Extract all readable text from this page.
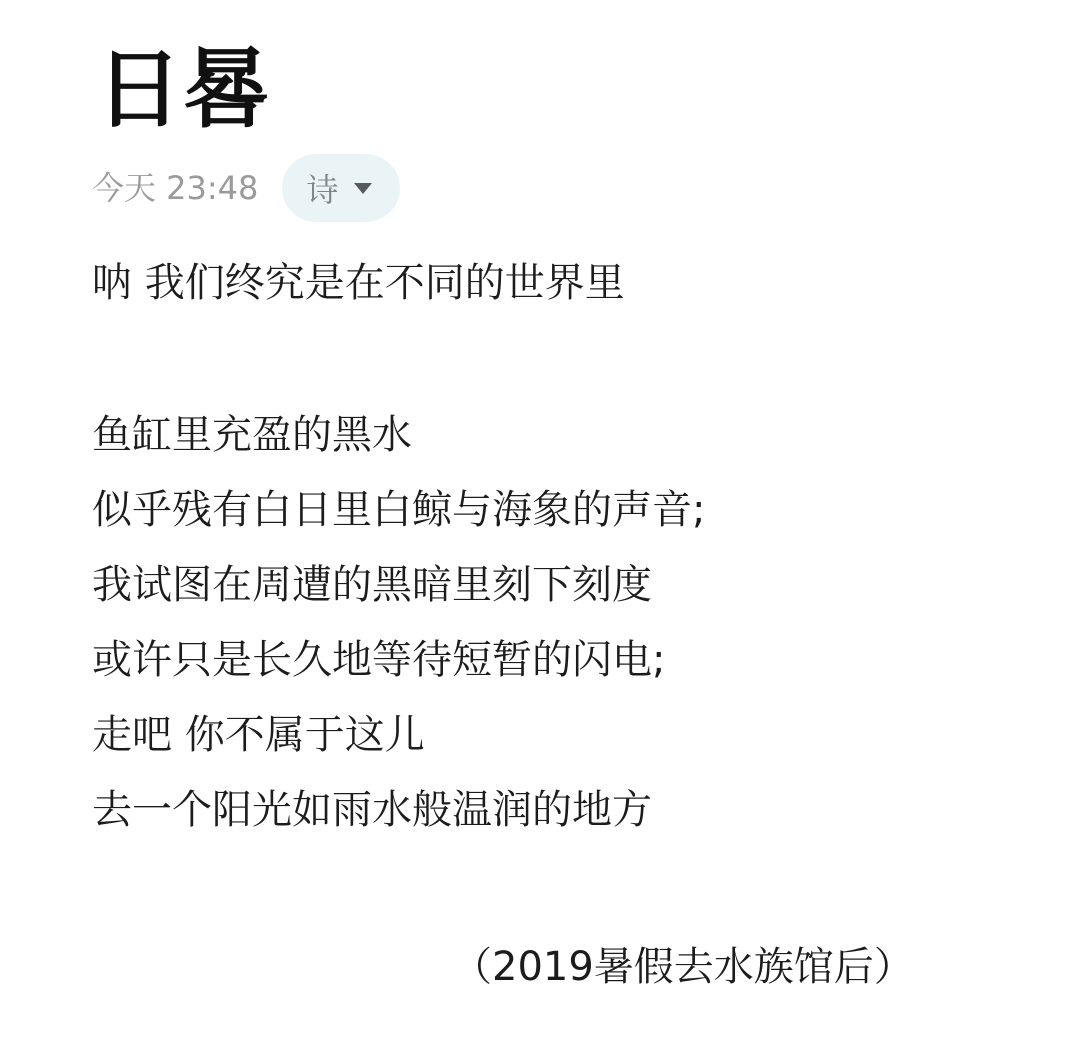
日晷
今天 23:48 诗
呐 我们终究是在不同的世界里
鱼缸里充盈的黑水
似乎残有白日里白鲸与海象的声音;
我试图在周遭的黑暗里刻下刻度
或许只是长久地等待短暂的闪电;
走吧 你不属于这儿
去一个阳光如雨水般温润的地方
（2019暑假去水族馆后）
